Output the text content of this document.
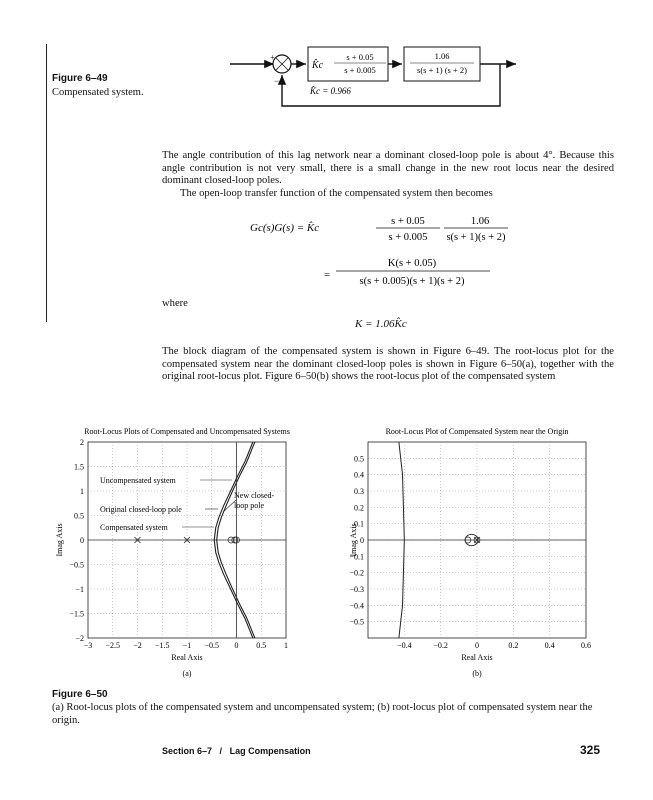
Figure 6–49
Compensated system.
+
−
K̂c
s + 0.05
s + 0.005
1.06
s(s + 1) (s + 2)
K̂c = 0.966
The angle contribution of this lag network near a dominant closed-loop pole is about 4°. Because this angle contribution is not very small, there is a small change in the new root locus near the desired dominant closed-loop poles.
The open-loop transfer function of the compensated system then becomes
Gc(s)G(s) = K̂c
s + 0.05
s + 0.005
1.06
s(s + 1)(s + 2)
=
K(s + 0.05)
s(s + 0.005)(s + 1)(s + 2)
where
K = 1.06K̂c
The block diagram of the compensated system is shown in Figure 6–49. The root-locus plot for the compensated system near the dominant closed-loop poles is shown in Figure 6–50(a), together with the original root-locus plot. Figure 6–50(b) shows the root-locus plot of the compensated system
Root-Locus Plots of Compensated and Uncompensated Systems
−3 −2.5 −2 −1.5 −1 −0.5 0 0.5 1
2
1.5
1
0.5
0
−0.5
−1
−1.5
−2
Real Axis
Imag Axis
(a)
Uncompensated system
Original closed-loop pole
Compensated system
New closed-
loop pole
Root-Locus Plot of Compensated System near the Origin
−0.4	−0.2	0	0.2	0.4	0.6
0.5
0.4
0.3
0.2
0.1
0
−0.1
−0.2
−0.3
−0.4
−0.5
Real Axis
Imag Axis
(b)
Figure 6–50
(a) Root-locus plots of the compensated system and uncompensated system; (b) root-locus plot of compensated system near the origin.
Section 6–7 / Lag Compensation	325
